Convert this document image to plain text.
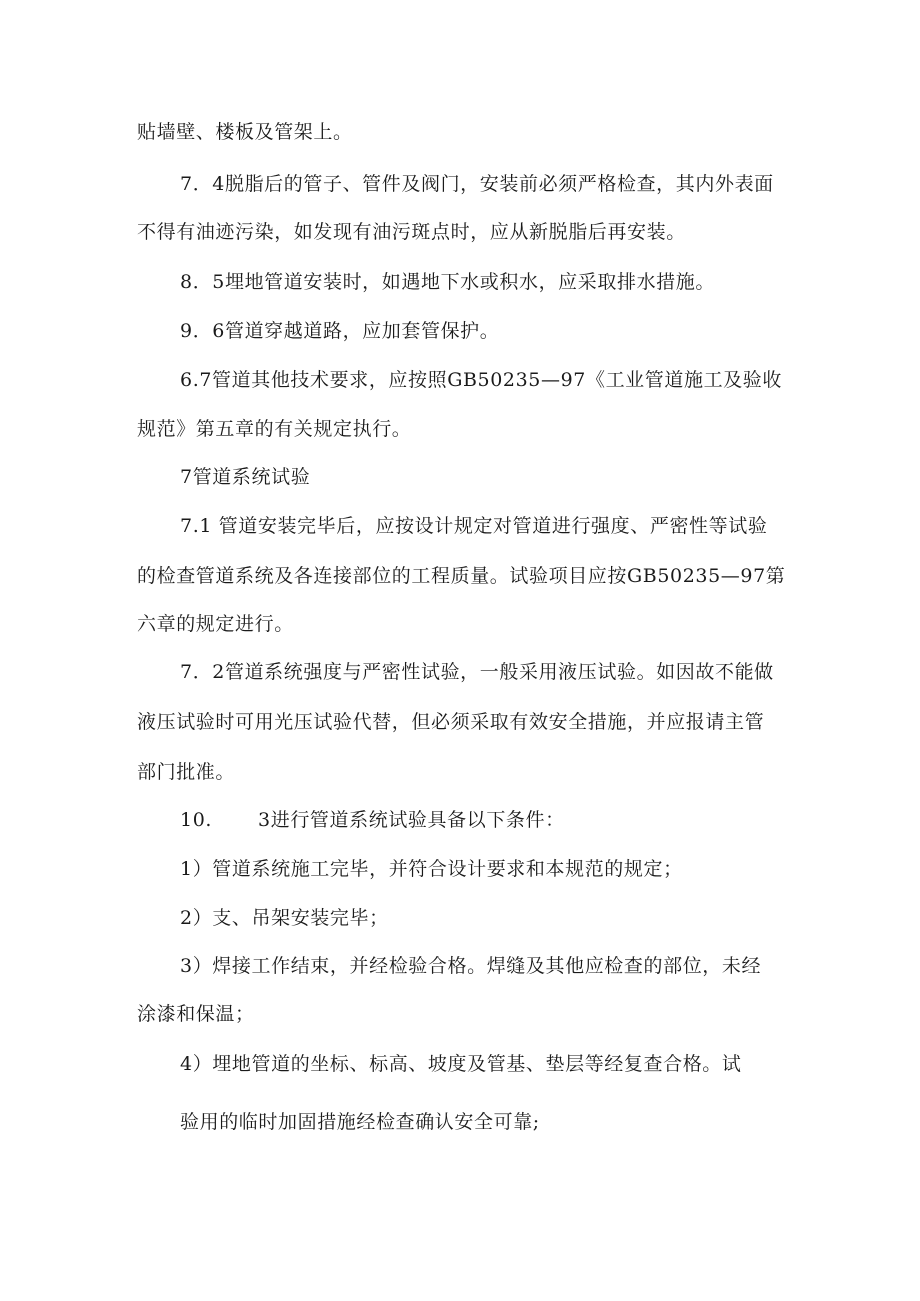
贴墙壁、楼板及管架上。
7．4脱脂后的管子、管件及阀门，安装前必须严格检查，其内外表面
不得有油迹污染，如发现有油污斑点时，应从新脱脂后再安装。
8．5埋地管道安装时，如遇地下水或积水，应采取排水措施。
9．6管道穿越道路，应加套管保护。
6.7管道其他技术要求，应按照GB50235—97《工业管道施工及验收
规范》第五章的有关规定执行。
7管道系统试验
7.1 管道安装完毕后，应按设计规定对管道进行强度、严密性等试验
的检查管道系统及各连接部位的工程质量。试验项目应按GB50235—97第
六章的规定进行。
7．2管道系统强度与严密性试验，一般采用液压试验。如因故不能做
液压试验时可用光压试验代替，但必须采取有效安全措施，并应报请主管
部门批准。
10. 3进行管道系统试验具备以下条件：
1）管道系统施工完毕，并符合设计要求和本规范的规定；
2）支、吊架安装完毕；
3）焊接工作结束，并经检验合格。焊缝及其他应检查的部位，未经
涂漆和保温；
4）埋地管道的坐标、标高、坡度及管基、垫层等经复查合格。试
验用的临时加固措施经检查确认安全可靠;
